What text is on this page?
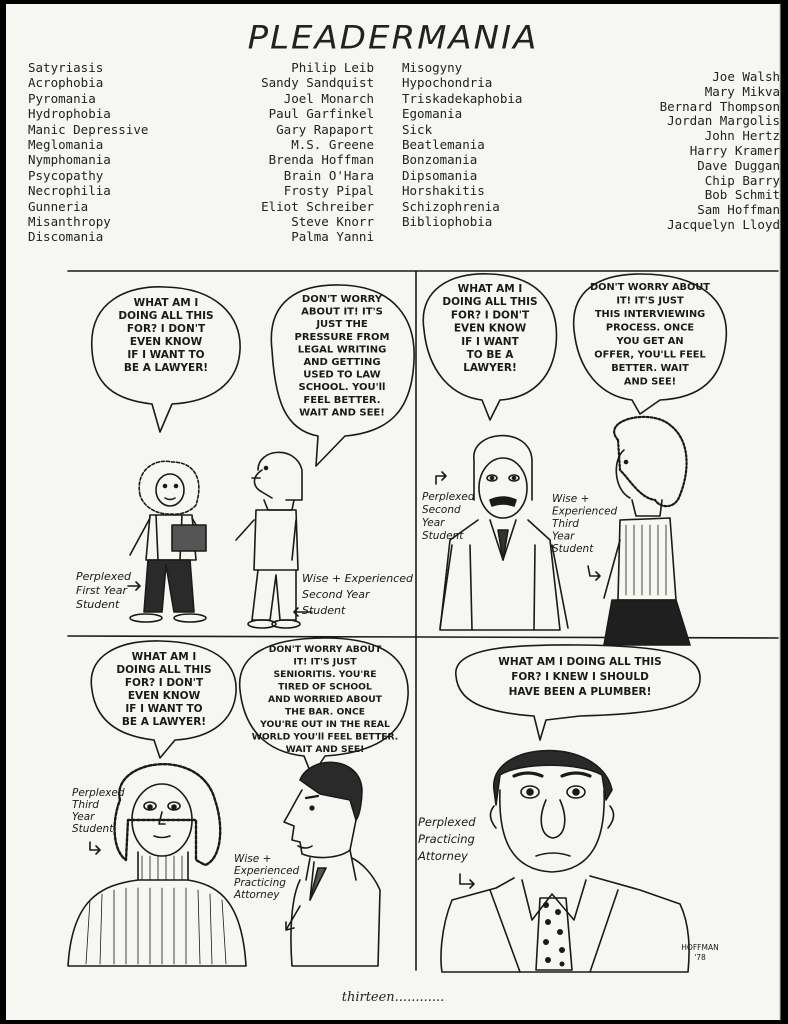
PLEADERMANIA
Satyriasis
Acrophobia
Pyromania
Hydrophobia
Manic Depressive
Meglomania
Nymphomania
Psycopathy
Necrophilia
Gunneria
Misanthropy
Discomania
Philip Leib
Sandy Sandquist
Joel Monarch
Paul Garfinkel
Gary Rapaport
M.S. Greene
Brenda Hoffman
Brain O'Hara
Frosty Pipal
Eliot Schreiber
Steve Knorr
Palma Yanni
Misogyny
Hypochondria
Triskadekaphobia
Egomania
Sick
Beatlemania
Bonzomania
Dipsomania
Horshakitis
Schizophrenia
Bibliophobia
Joe Walsh
Mary Mikva
Bernard Thompson
Jordan Margolis
John Hertz
Harry Kramer
Dave Duggan
Chip Barry
Bob Schmit
Sam Hoffman
Jacquelyn Lloyd
thirteen............
WHAT AM I DOING ALL THIS FOR? I DON'T EVEN KNOW IF I WANT TO BE A LAWYER!
DON'T WORRY ABOUT IT! IT'S JUST THE PRESSURE FROM LEGAL WRITING AND GETTING USED TO LAW SCHOOL. YOU'll FEEL BETTER. WAIT AND SEE!
Perplexed First Year Student
Wise + Experienced Second Year Student
WHAT AM I DOING ALL THIS FOR? I DON'T EVEN KNOW IF I WANT TO BE A LAWYER!
DON'T WORRY ABOUT IT! IT'S JUST THIS INTERVIEWING PROCESS. ONCE YOU GET AN OFFER, YOU'LL FEEL BETTER. WAIT AND SEE!
Perplexed Second Year Student
Wise + Experienced Third Year Student
WHAT AM I DOING ALL THIS FOR? I DON'T EVEN KNOW IF I WANT TO BE A LAWYER!
DON'T WORRY ABOUT IT! IT'S JUST SENIORITIS. YOU'RE TIRED OF SCHOOL AND WORRIED ABOUT THE BAR. ONCE YOU'RE OUT IN THE REAL WORLD YOU'll FEEL BETTER. WAIT AND SEE!
Perplexed Third Year Student
Wise + Experienced Practicing Attorney
WHAT AM I DOING ALL THIS FOR? I KNEW I SHOULD HAVE BEEN A PLUMBER!
Perplexed Practicing Attorney
HOFFMAN '78
